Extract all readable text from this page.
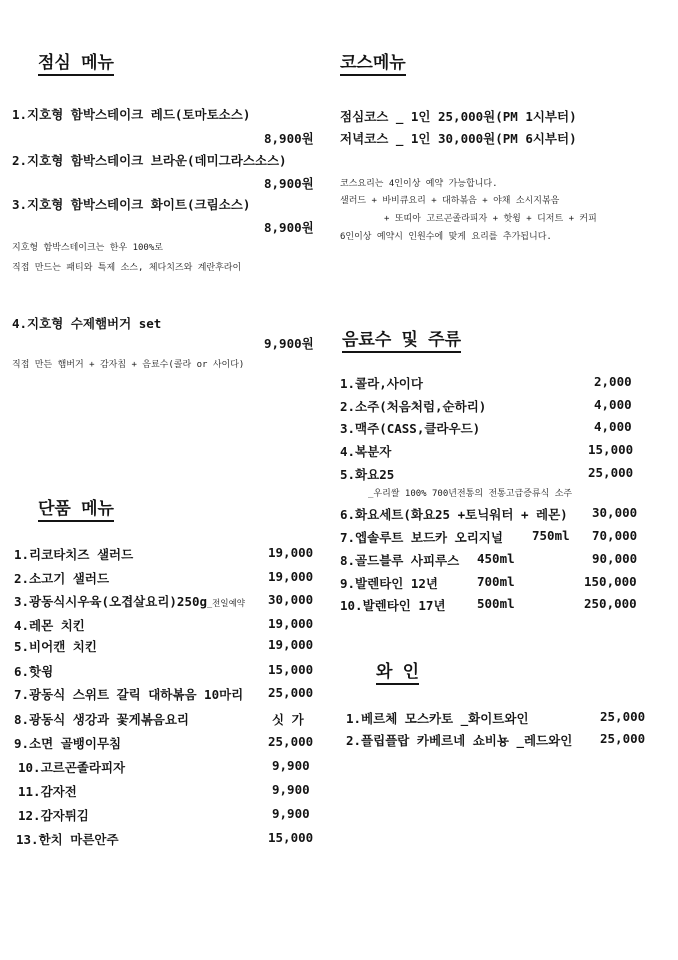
점심 메뉴
1.지호형 함박스테이크 레드(토마토소스)
8,900원
2.지호형 함박스테이크 브라운(데미그라스소스)
8,900원
3.지호형 함박스테이크 화이트(크림소스)
8,900원
지호형 함박스테이크는 한우 100%로
직접 만드는 패티와 특제 소스, 체다치즈와 계란후라이
4.지호형 수제햄버거 set
9,900원
직접 만든 햄버거 + 감자칩 + 음료수(콜라 or 사이다)
단품 메뉴
1.리코타치즈 샐러드	19,000
2.소고기 샐러드	19,000
3.광동식시우육(오겹살요리)250g_전일예약 30,000
4.레몬 치킨	19,000
5.비어캔 치킨	19,000
6.핫윙	15,000
7.광동식 스위트 갈릭 대하볶음 10마리 25,000
8.광동식 생강과 꽃게볶음요리	싯 가
9.소면 골뱅이무침	25,000
10.고르곤졸라피자	9,900
11.감자전	9,900
12.감자튀김	9,900
13.한치 마른안주	15,000
코스메뉴
점심코스 _ 1인 25,000원(PM 1시부터)
저녁코스 _ 1인 30,000원(PM 6시부터)
코스요리는 4인이상 예약 가능합니다.
샐러드 + 바비큐요리 + 대하볶음 + 야채 소시지볶음
+ 또띠아 고르곤졸라피자 + 핫윙 + 디저트 + 커피
6인이상 예약시 인원수에 맞게 요리를 추가됩니다.
음료수 및 주류
1.콜라,사이다	2,000
2.소주(처음처럼,순하리)	4,000
3.맥주(CASS,클라우드)	4,000
4.복분자	15,000
5.화요25	25,000
_우리쌀 100% 700년전통의 전통고급증류식 소주
6.화요세트(화요25 +토닉워터 + 레몬) 30,000
7.엡솔루트 보드카 오리지널 750ml 70,000
8.골드블루 사피루스 450ml	90,000
9.발렌타인 12년	700ml	150,000
10.발렌타인 17년	500ml	250,000
와 인
1.베르체 모스카토 _화이트와인	25,000
2.플립플랍 카베르네 쇼비뇽 _레드와인 25,000
